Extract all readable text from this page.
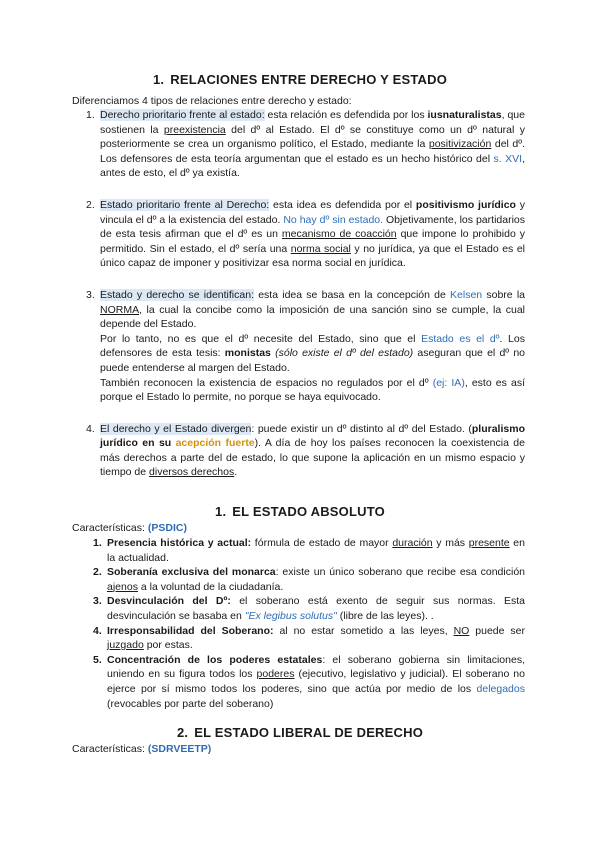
1. RELACIONES ENTRE DERECHO Y ESTADO
Diferenciamos 4 tipos de relaciones entre derecho y estado:
1. Derecho prioritario frente al estado: esta relación es defendida por los iusnaturalistas, que sostienen la preexistencia del dº al Estado. El dº se constituye como un dº natural y posteriormente se crea un organismo político, el Estado, mediante la positivización del dº. Los defensores de esta teoría argumentan que el estado es un hecho histórico del s. XVI, antes de esto, el dº ya existía.
2. Estado prioritario frente al Derecho: esta idea es defendida por el positivismo jurídico y vincula el dº a la existencia del estado. No hay dº sin estado. Objetivamente, los partidarios de esta tesis afirman que el dº es un mecanismo de coacción que impone lo prohibido y permitido. Sin el estado, el dº sería una norma social y no jurídica, ya que el Estado es el único capaz de imponer y positivizar esa norma social en jurídica.
3. Estado y derecho se identifican: esta idea se basa en la concepción de Kelsen sobre la NORMA, la cual la concibe como la imposición de una sanción sino se cumple, la cual depende del Estado.
Por lo tanto, no es que el dº necesite del Estado, sino que el Estado es el dº. Los defensores de esta tesis: monistas (sólo existe el dº del estado) aseguran que el dº no puede entenderse al margen del Estado.
También reconocen la existencia de espacios no regulados por el dº (ej: IA), esto es así porque el Estado lo permite, no porque se haya equivocado.
4. El derecho y el Estado divergen: puede existir un dº distinto al dº del Estado. (pluralismo jurídico en su acepción fuerte). A día de hoy los países reconocen la coexistencia de más derechos a parte del de estado, lo que supone la aplicación en un mismo espacio y tiempo de diversos derechos.
1. EL ESTADO ABSOLUTO
Características: (PSDIC)
1. Presencia histórica y actual: fórmula de estado de mayor duración y más presente en la actualidad.
2. Soberanía exclusiva del monarca: existe un único soberano que recibe esa condición ajenos a la voluntad de la ciudadanía.
3. Desvinculación del Dº: el soberano está exento de seguir sus normas. Esta desvinculación se basaba en "Ex legibus solutus" (libre de las leyes). .
4. Irresponsabilidad del Soberano: al no estar sometido a las leyes, NO puede ser juzgado por estas.
5. Concentración de los poderes estatales: el soberano gobierna sin limitaciones, uniendo en su figura todos los poderes (ejecutivo, legislativo y judicial). El soberano no ejerce por sí mismo todos los poderes, sino que actúa por medio de los delegados (revocables por parte del soberano)
2. EL ESTADO LIBERAL DE DERECHO
Características: (SDRVEETP)
